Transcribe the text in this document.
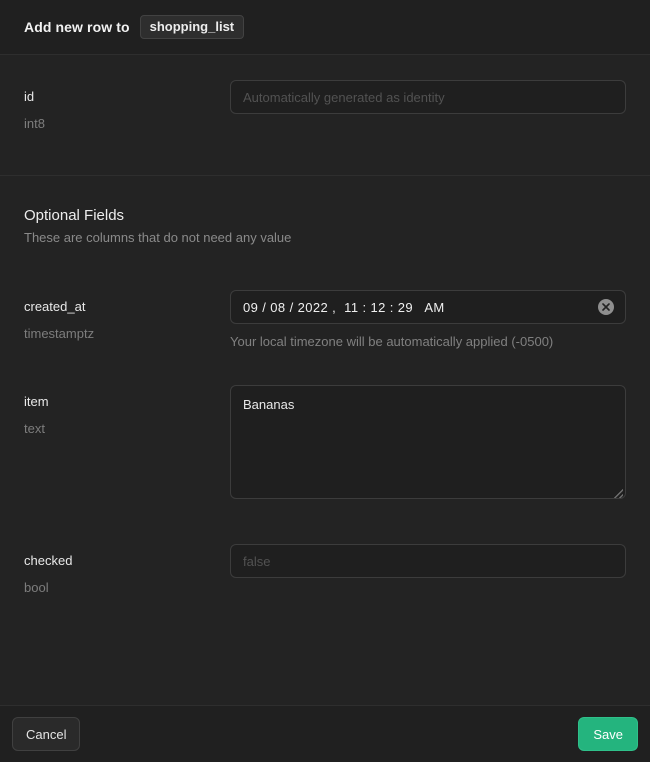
Add new row to	shopping_list
id
int8
Automatically generated as identity
Optional Fields
These are columns that do not need any value
created_at
timestamptz
09 / 08 / 2022 , 11 : 12 : 29 AM
Your local timezone will be automatically applied (-0500)
item
text
Bananas
checked
bool
false
Cancel	Save
